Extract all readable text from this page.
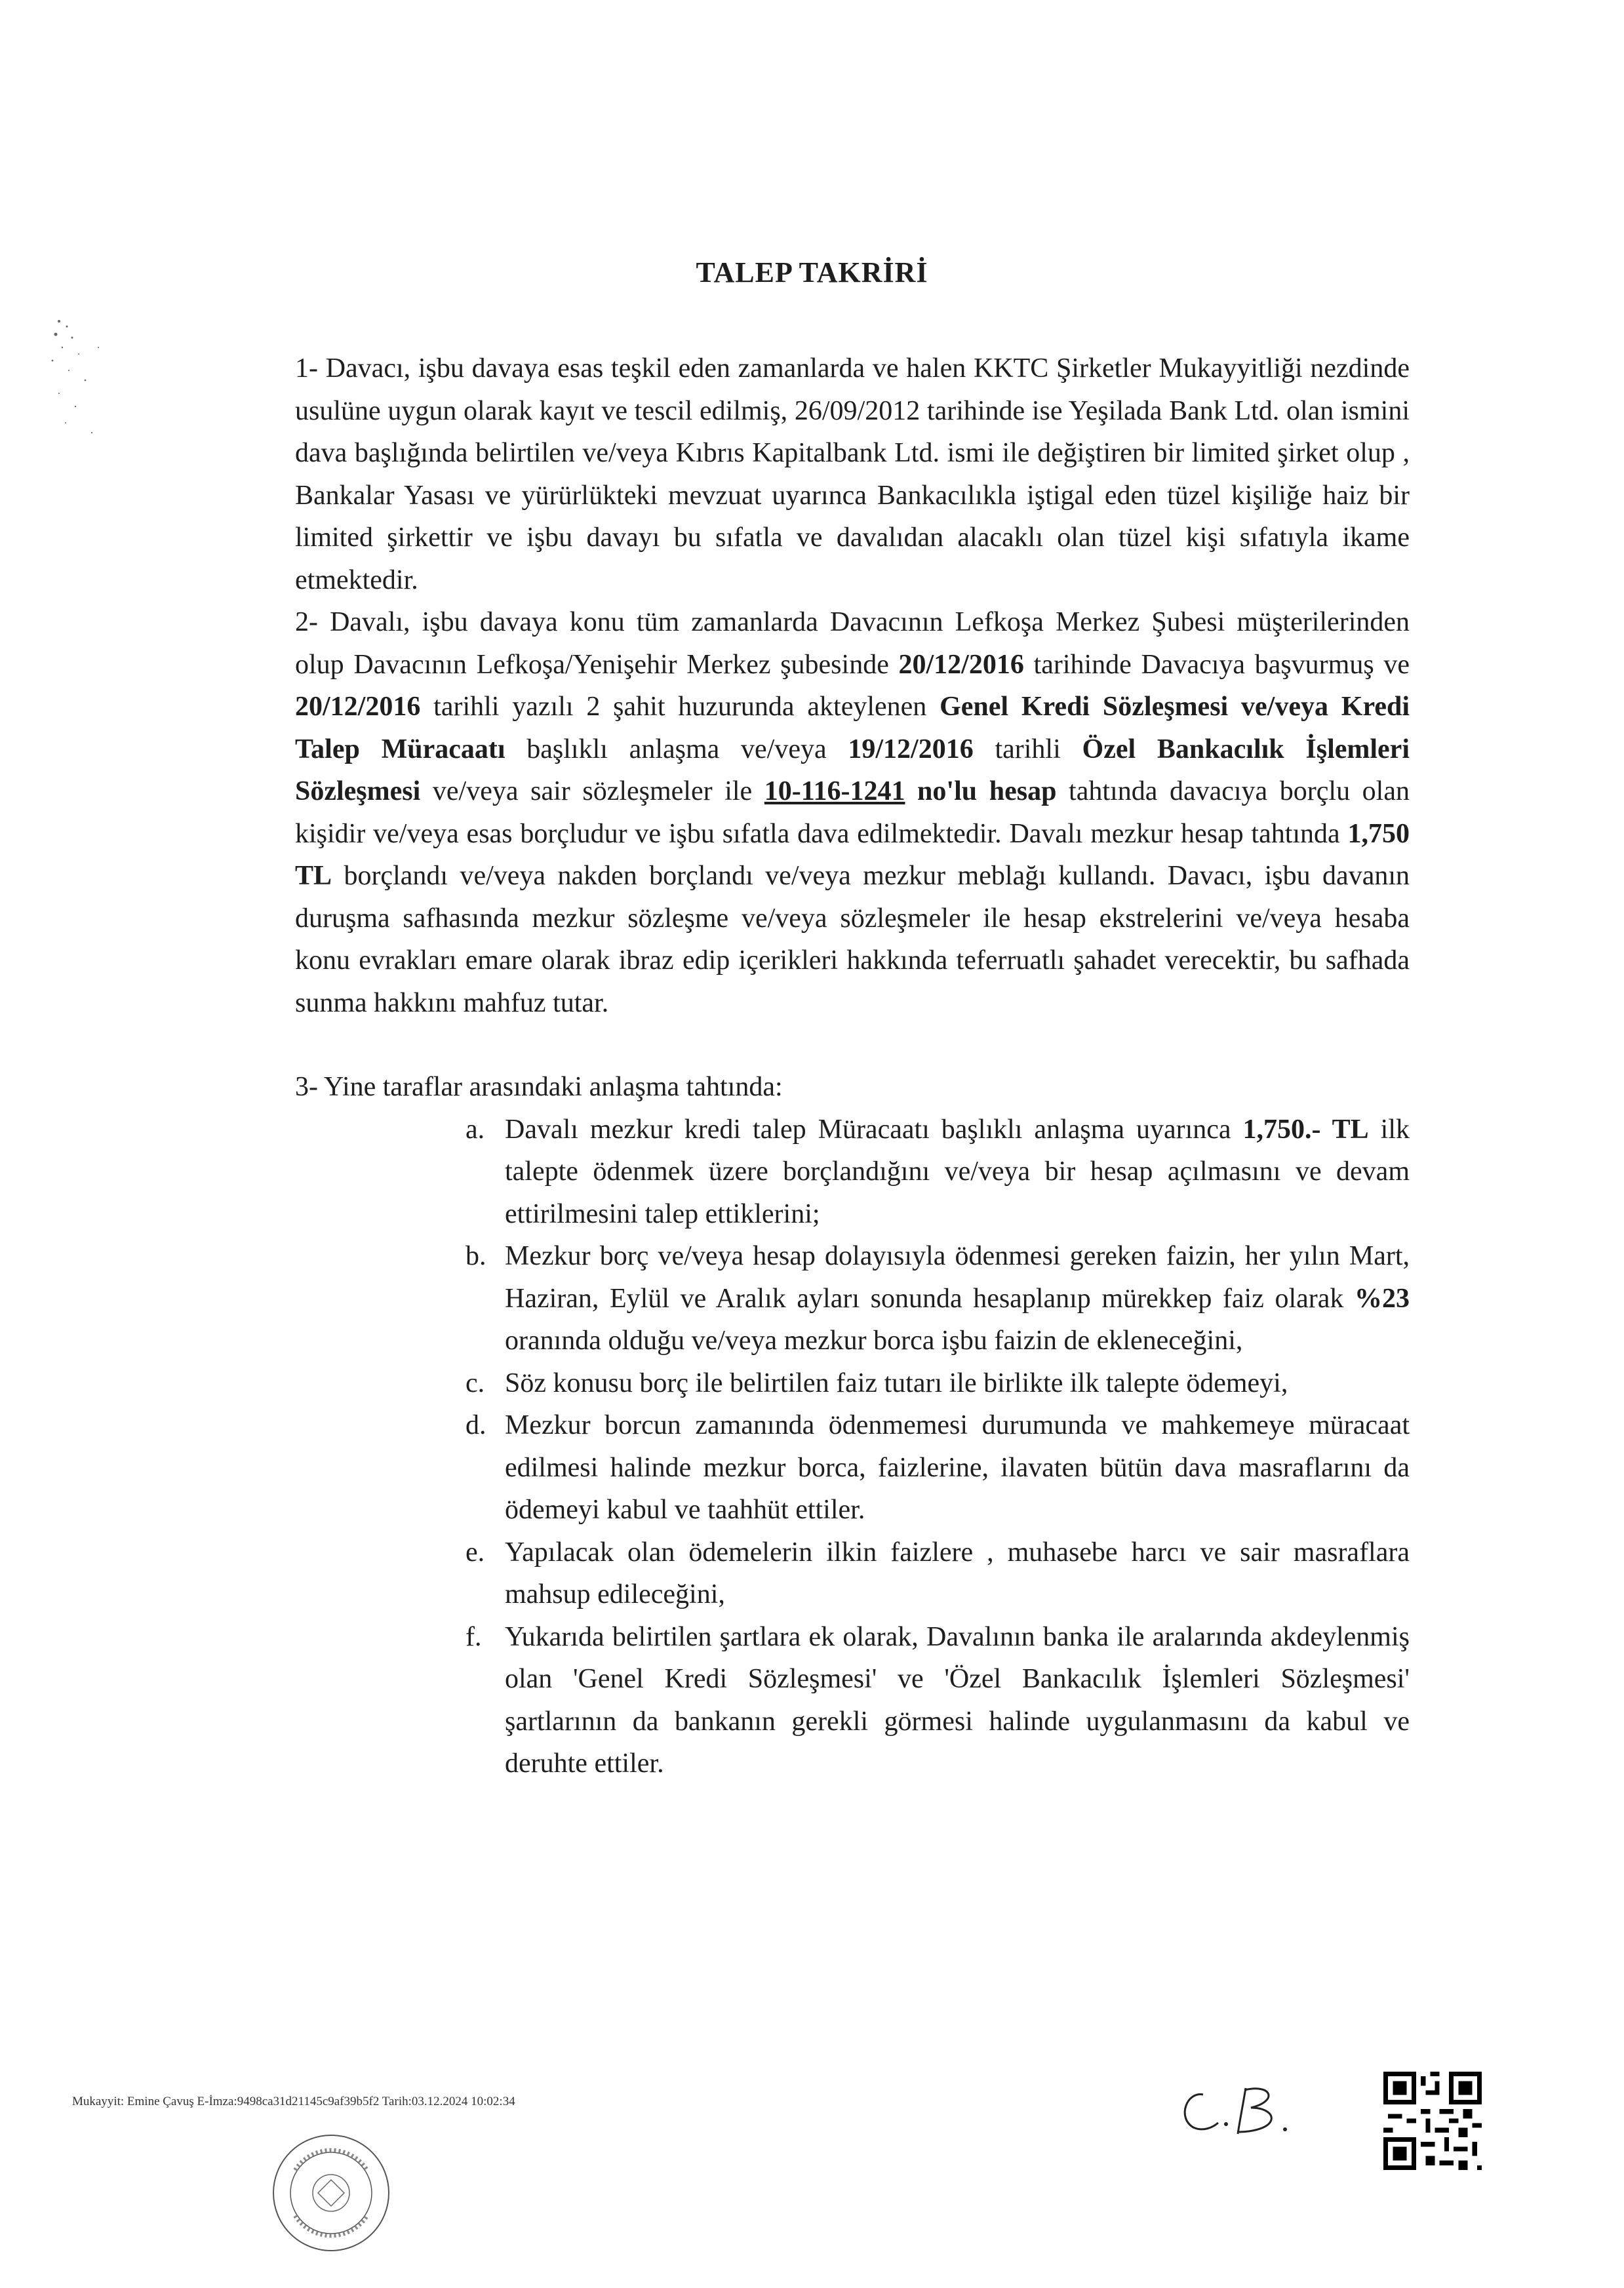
TALEP TAKRİRİ

1- Davacı, işbu davaya esas teşkil eden zamanlarda ve halen KKTC Şirketler Mukayyitliği nezdinde usulüne uygun olarak kayıt ve tescil edilmiş, 26/09/2012 tarihinde ise Yeşilada Bank Ltd. olan ismini dava başlığında belirtilen ve/veya Kıbrıs Kapitalbank Ltd. ismi ile değiştiren bir limited şirket olup , Bankalar Yasası ve yürürlükteki mevzuat uyarınca Bankacılıkla iştigal eden tüzel kişiliğe haiz bir limited şirkettir ve işbu davayı bu sıfatla ve davalıdan alacaklı olan tüzel kişi sıfatıyla ikame etmektedir.

2- Davalı, işbu davaya konu tüm zamanlarda Davacının Lefkoşa Merkez Şubesi müşterilerinden olup Davacının Lefkoşa/Yenişehir Merkez şubesinde 20/12/2016 tarihinde Davacıya başvurmuş ve 20/12/2016 tarihli yazılı 2 şahit huzurunda akteylenen Genel Kredi Sözleşmesi ve/veya Kredi Talep Müracaatı başlıklı anlaşma ve/veya 19/12/2016 tarihli Özel Bankacılık İşlemleri Sözleşmesi ve/veya sair sözleşmeler ile 10-116-1241 no'lu hesap tahtında davacıya borçlu olan kişidir ve/veya esas borçludur ve işbu sıfatla dava edilmektedir. Davalı mezkur hesap tahtında 1,750 TL borçlandı ve/veya nakden borçlandı ve/veya mezkur meblağı kullandı. Davacı, işbu davanın duruşma safhasında mezkur sözleşme ve/veya sözleşmeler ile hesap ekstrelerini ve/veya hesaba konu evrakları emare olarak ibraz edip içerikleri hakkında teferruatlı şahadet verecektir, bu safhada sunma hakkını mahfuz tutar.

3- Yine taraflar arasındaki anlaşma tahtında:

a. Davalı mezkur kredi talep Müracaatı başlıklı anlaşma uyarınca 1,750.- TL ilk talepte ödenmek üzere borçlandığını ve/veya bir hesap açılmasını ve devam ettirilmesini talep ettiklerini;
b. Mezkur borç ve/veya hesap dolayısıyla ödenmesi gereken faizin, her yılın Mart, Haziran, Eylül ve Aralık ayları sonunda hesaplanıp mürekkep faiz olarak %23 oranında olduğu ve/veya mezkur borca işbu faizin de ekleneceğini,
c. Söz konusu borç ile belirtilen faiz tutarı ile birlikte ilk talepte ödemeyi,
d. Mezkur borcun zamanında ödenmemesi durumunda ve mahkemeye müracaat edilmesi halinde mezkur borca, faizlerine, ilavaten bütün dava masraflarını da ödemeyi kabul ve taahhüt ettiler.
e. Yapılacak olan ödemelerin ilkin faizlere , muhasebe harcı ve sair masraflara mahsup edileceğini,
f. Yukarıda belirtilen şartlara ek olarak, Davalının banka ile aralarında akdeylenmiş olan 'Genel Kredi Sözleşmesi' ve 'Özel Bankacılık İşlemleri Sözleşmesi' şartlarının da bankanın gerekli görmesi halinde uygulanmasını da kabul ve deruhte ettiler.
Mukayyit: Emine Çavuş E-İmza:9498ca31d21145c9af39b5f2 Tarih:03.12.2024 10:02:34
